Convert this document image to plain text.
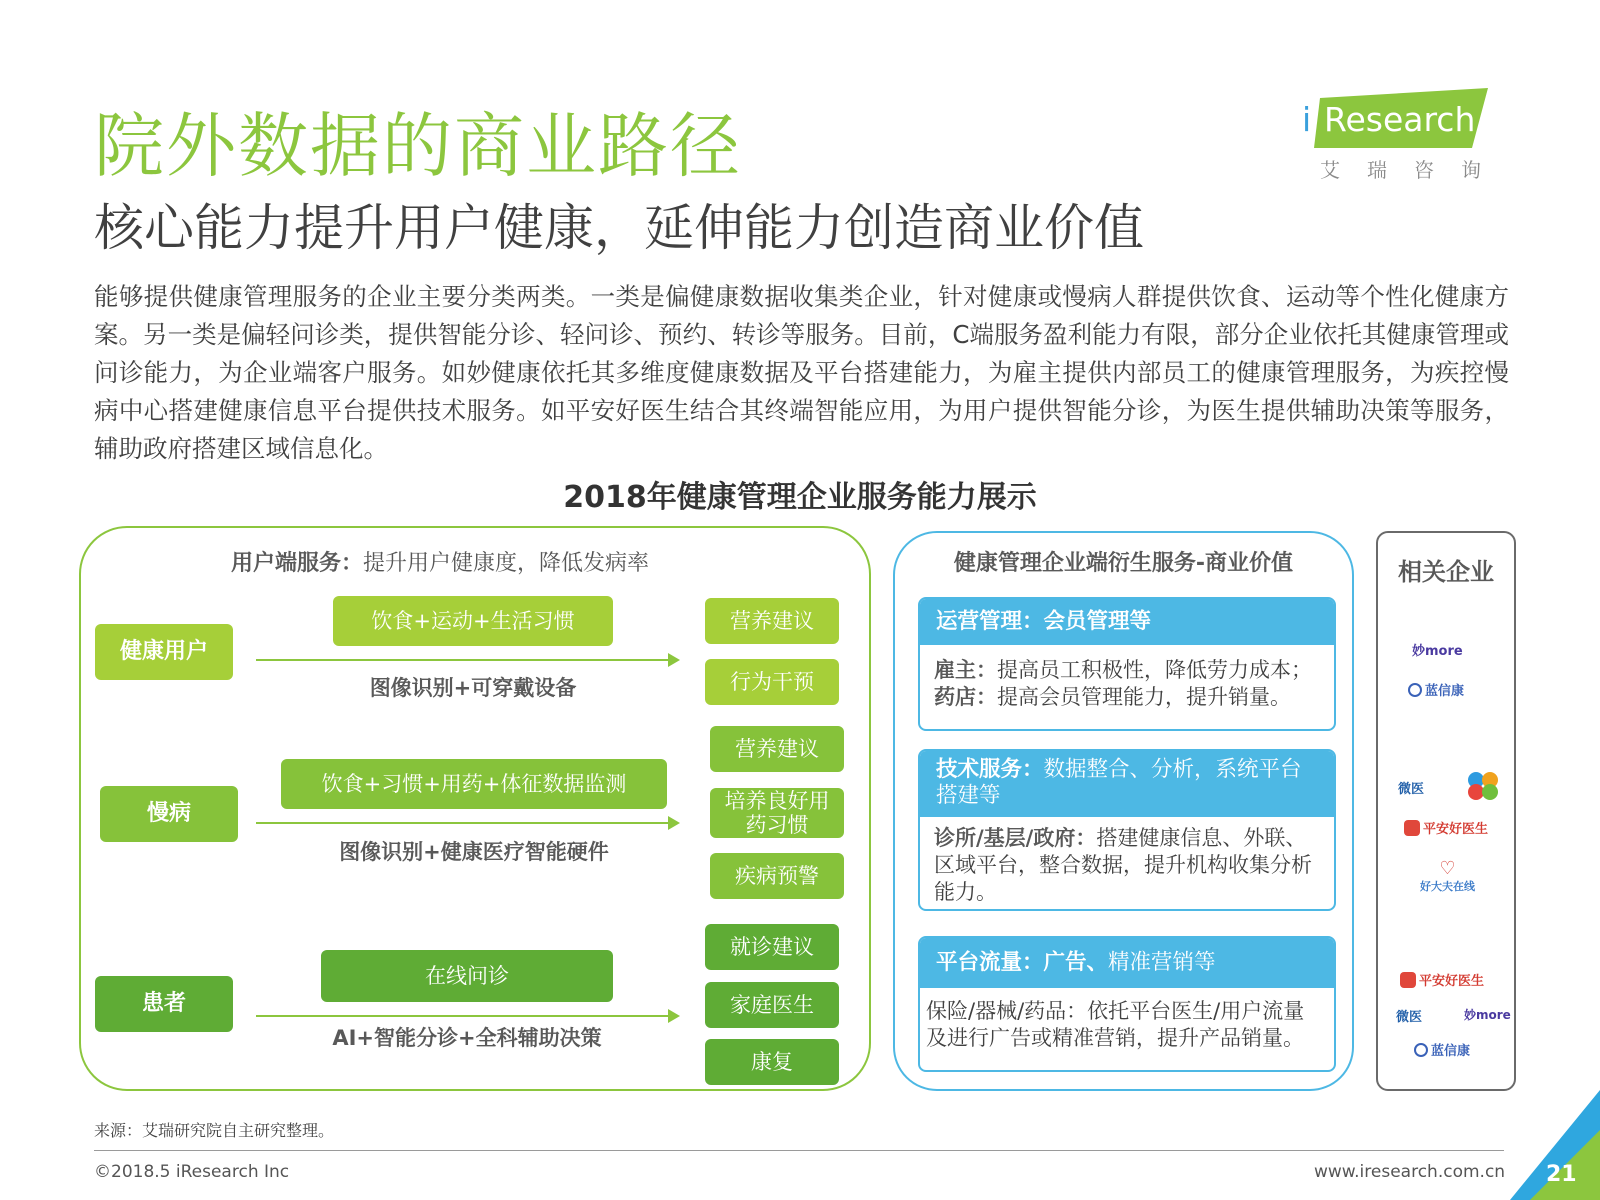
院外数据的商业路径
核心能力提升用户健康，延伸能力创造商业价值
i Research
艾瑞咨询
能够提供健康管理服务的企业主要分类两类。一类是偏健康数据收集类企业，针对健康或慢病人群提供饮食、运动等个性化健康方案。另一类是偏轻问诊类，提供智能分诊、轻问诊、预约、转诊等服务。目前，C端服务盈利能力有限，部分企业依托其健康管理或问诊能力，为企业端客户服务。如妙健康依托其多维度健康数据及平台搭建能力，为雇主提供内部员工的健康管理服务，为疾控慢病中心搭建健康信息平台提供技术服务。如平安好医生结合其终端智能应用，为用户提供智能分诊，为医生提供辅助决策等服务，辅助政府搭建区域信息化。
2018年健康管理企业服务能力展示
用户端服务：提升用户健康度，降低发病率
健康用户
饮食+运动+生活习惯
图像识别+可穿戴设备
营养建议
行为干预
慢病
饮食+习惯+用药+体征数据监测
图像识别+健康医疗智能硬件
营养建议
培养良好用药习惯
疾病预警
患者
在线问诊
AI+智能分诊+全科辅助决策
就诊建议
家庭医生
康复
健康管理企业端衍生服务-商业价值
运营管理：会员管理等
雇主：提高员工积极性，降低劳力成本；
药店：提高会员管理能力，提升销量。
技术服务：数据整合、分析，系统平台搭建等
诊所/基层/政府：搭建健康信息、外联、区域平台，整合数据，提升机构收集分析能力。
平台流量：广告、 精准营销等
保险/器械/药品：依托平台医生/用户流量及进行广告或精准营销，提升产品销量。
相关企业
妙more
蓝信康
微医
平安好医生
♡
好大夫在线
平安好医生
微医	妙more
蓝信康
来源：艾瑞研究院自主研究整理。
©2018.5 iResearch Inc	www.iresearch.com.cn 21
